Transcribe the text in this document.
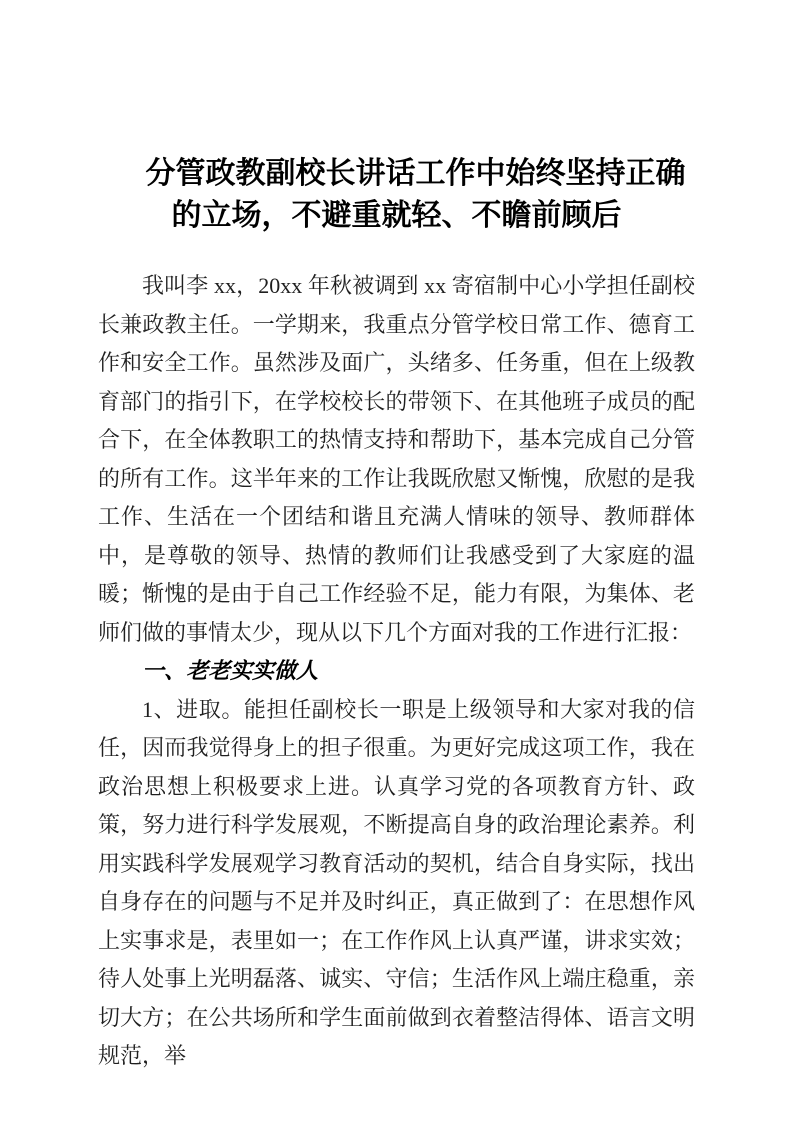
分管政教副校长讲话工作中始终坚持正确
的立场，不避重就轻、不瞻前顾后

我叫李 xx，20xx 年秋被调到 xx 寄宿制中心小学担任副校长兼政教主任。一学期来，我重点分管学校日常工作、德育工作和安全工作。虽然涉及面广，头绪多、任务重，但在上级教育部门的指引下，在学校校长的带领下、在其他班子成员的配合下，在全体教职工的热情支持和帮助下，基本完成自己分管的所有工作。这半年来的工作让我既欣慰又惭愧，欣慰的是我工作、生活在一个团结和谐且充满人情味的领导、教师群体中，是尊敬的领导、热情的教师们让我感受到了大家庭的温暖；惭愧的是由于自己工作经验不足，能力有限，为集体、老师们做的事情太少，现从以下几个方面对我的工作进行汇报：

一、老老实实做人

1、进取。能担任副校长一职是上级领导和大家对我的信任，因而我觉得身上的担子很重。为更好完成这项工作，我在政治思想上积极要求上进。认真学习党的各项教育方针、政策，努力进行科学发展观，不断提高自身的政治理论素养。利用实践科学发展观学习教育活动的契机，结合自身实际，找出自身存在的问题与不足并及时纠正，真正做到了：在思想作风上实事求是，表里如一；在工作作风上认真严谨，讲求实效；待人处事上光明磊落、诚实、守信；生活作风上端庄稳重，亲切大方；在公共场所和学生面前做到衣着整洁得体、语言文明规范，举
